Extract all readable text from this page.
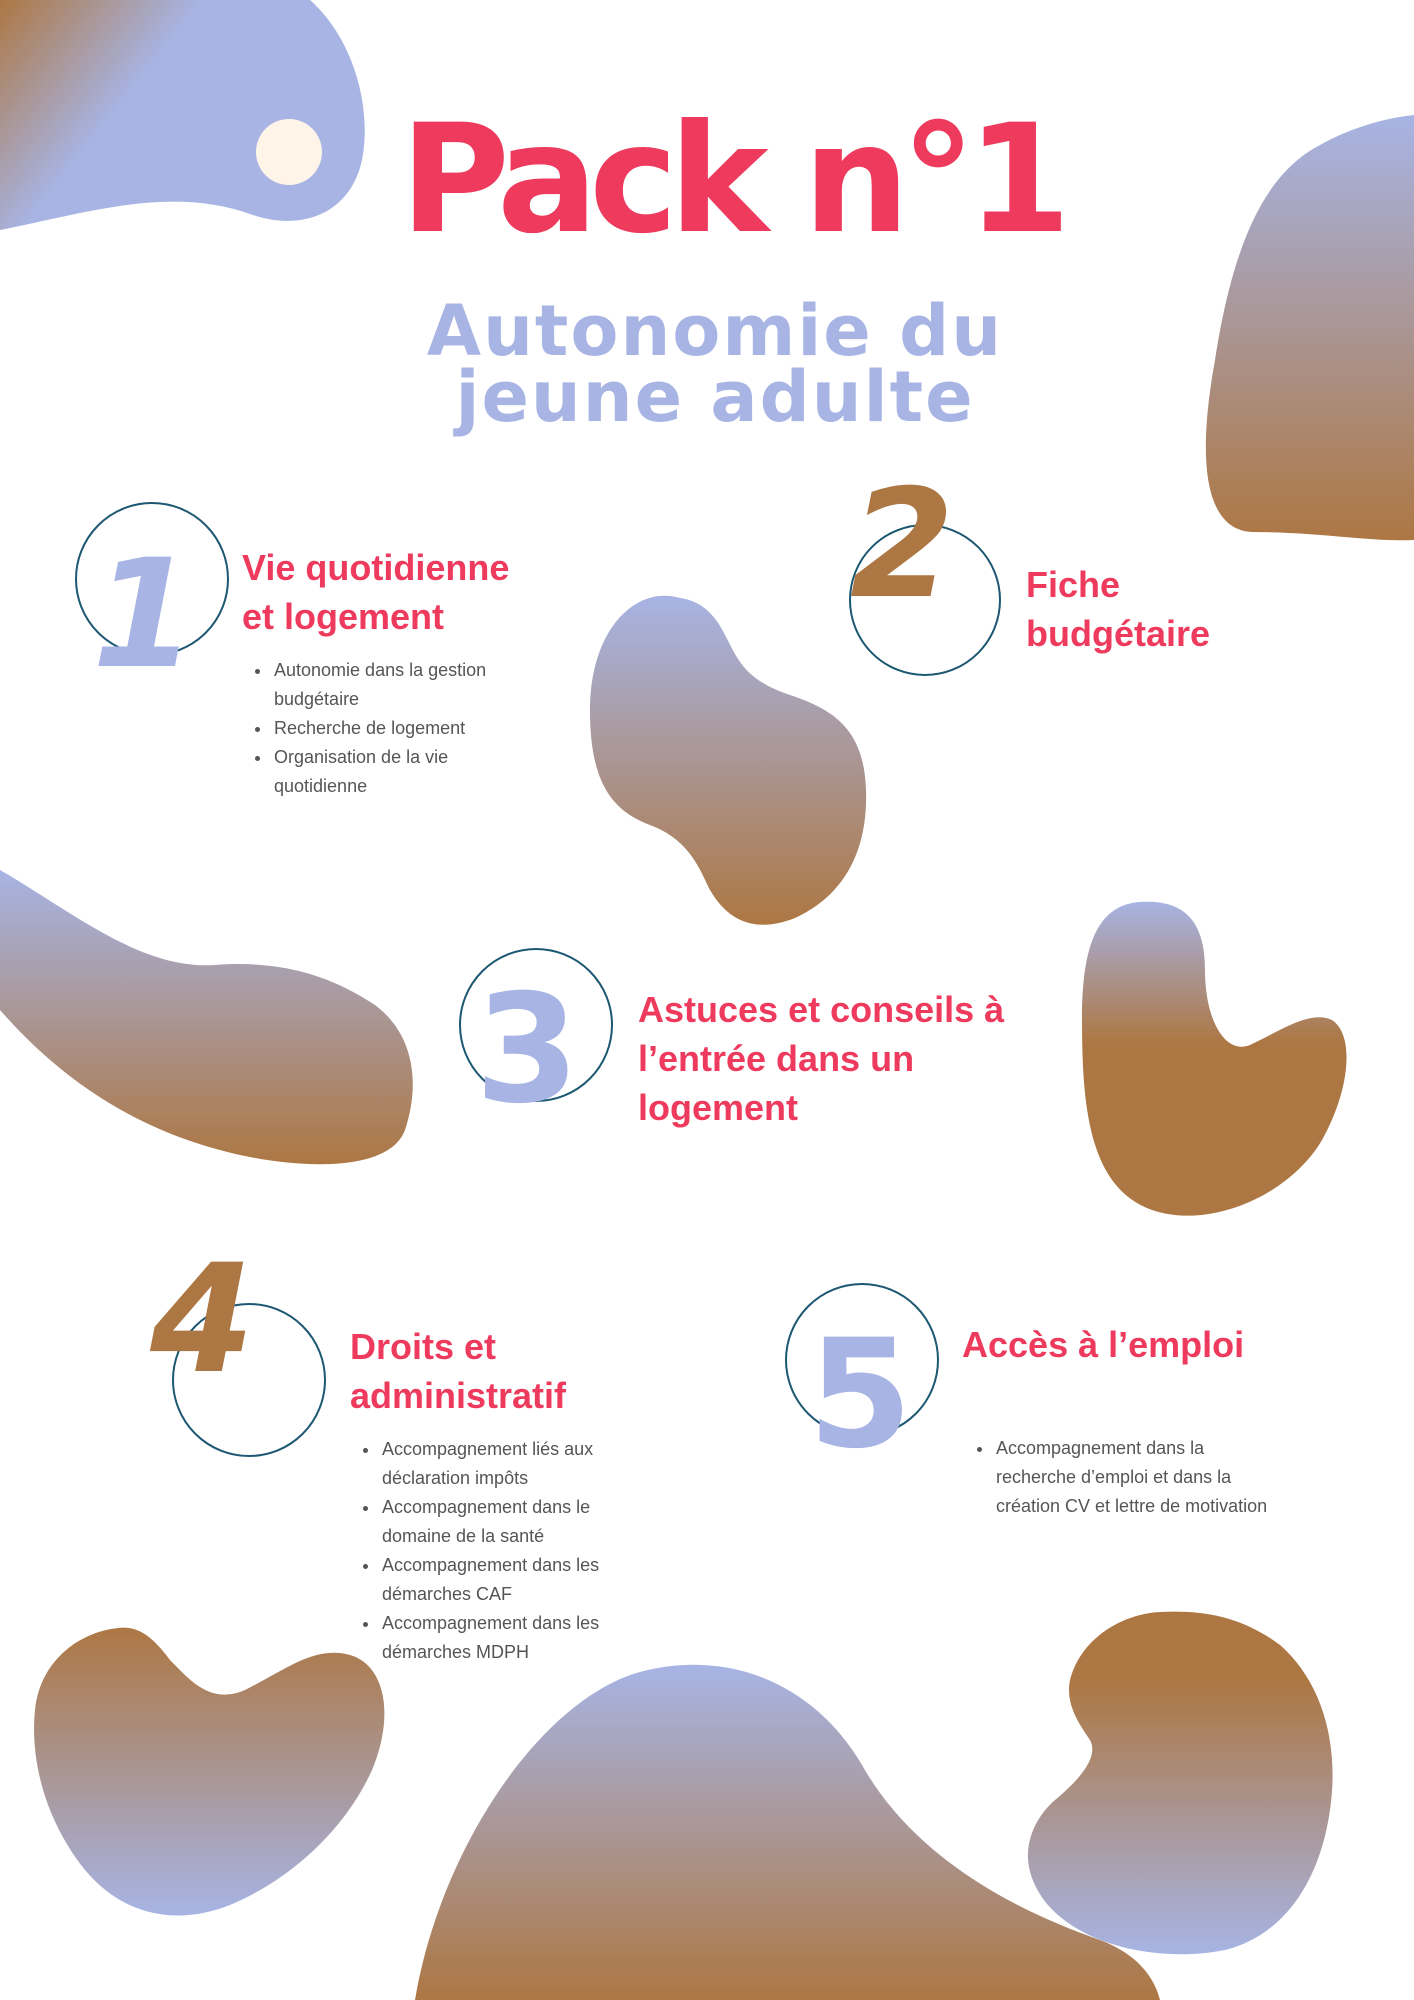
Pack n°1
Autonomie du
jeune adulte
1 Vie quotidienne
et logement
• Autonomie dans la gestion budgétaire
• Recherche de logement
• Organisation de la vie quotidienne
2 Fiche
budgétaire
3 Astuces et conseils à
l’entrée dans un
logement
4	Droits et
administratif
• Accompagnement liés aux déclaration impôts
• Accompagnement dans le domaine de la santé
• Accompagnement dans les démarches CAF
• Accompagnement dans les démarches MDPH
5 Accès à l’emploi
• Accompagnement dans la recherche d’emploi et dans la création CV et lettre de motivation
